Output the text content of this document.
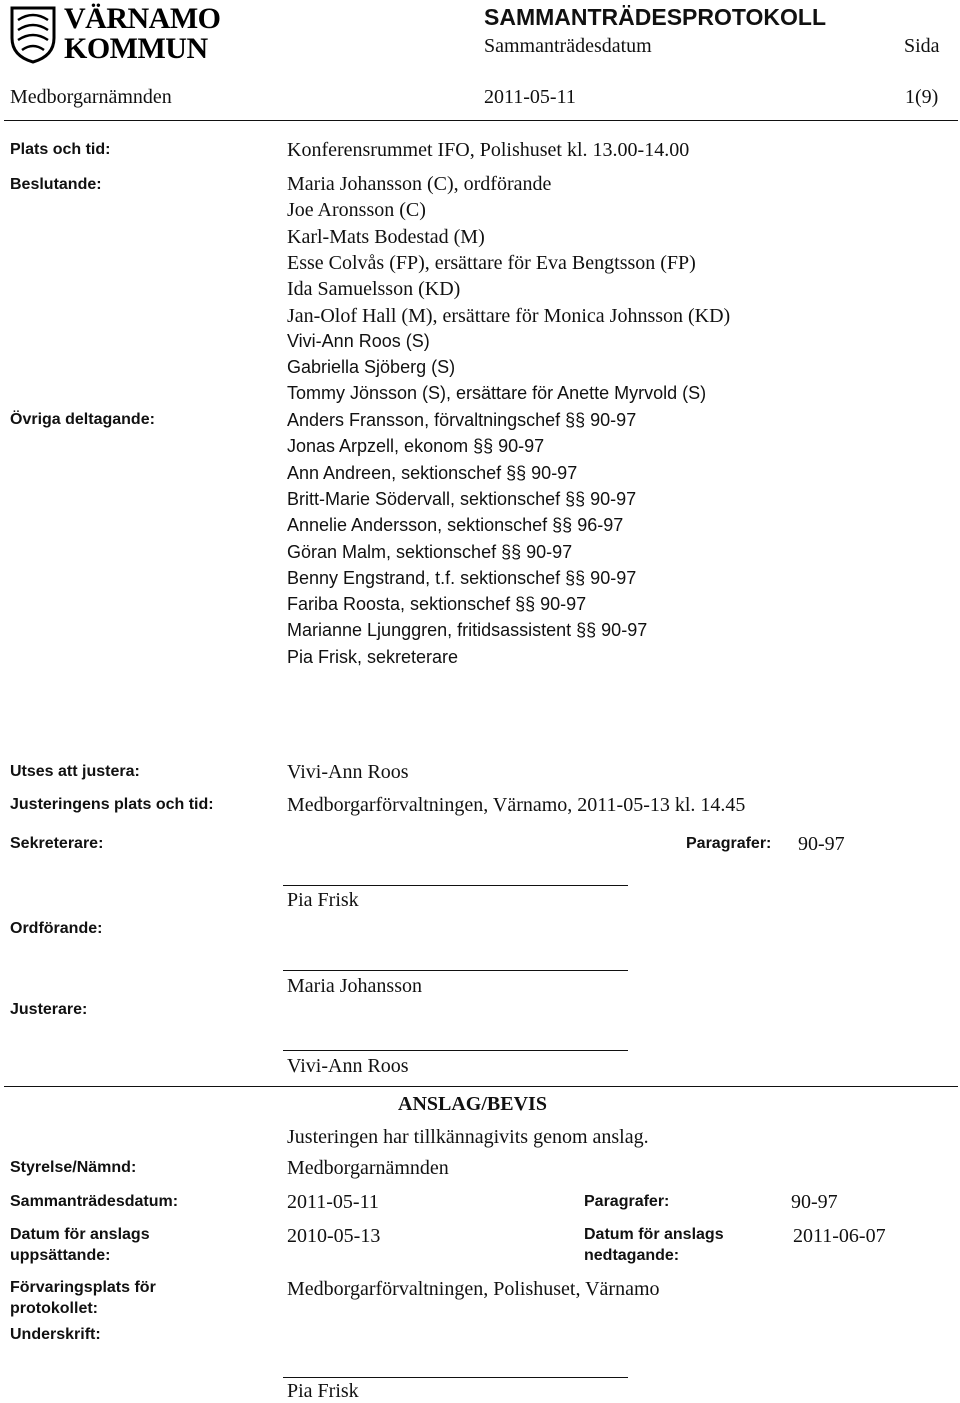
VÄRNAMO
KOMMUN
SAMMANTRÄDESPROTOKOLL
Sammanträdesdatum	Sida
Medborgarnämnden	2011-05-11	1(9)
Plats och tid:	Konferensrummet IFO, Polishuset kl. 13.00-14.00
Beslutande:	Maria Johansson (C), ordförande
Joe Aronsson (C)
Karl-Mats Bodestad (M)
Esse Colvås (FP), ersättare för Eva Bengtsson (FP)
Ida Samuelsson (KD)
Jan-Olof Hall (M), ersättare för Monica Johnsson (KD)
Vivi-Ann Roos (S)
Gabriella Sjöberg (S)
Tommy Jönsson (S), ersättare för Anette Myrvold (S)
Övriga deltagande:	Anders Fransson, förvaltningschef §§ 90-97
Jonas Arpzell, ekonom §§ 90-97
Ann Andreen, sektionschef §§ 90-97
Britt-Marie Södervall, sektionschef §§ 90-97
Annelie Andersson, sektionschef §§ 96-97
Göran Malm, sektionschef §§ 90-97
Benny Engstrand, t.f. sektionschef §§ 90-97
Fariba Roosta, sektionschef §§ 90-97
Marianne Ljunggren, fritidsassistent §§ 90-97
Pia Frisk, sekreterare
Utses att justera:	Vivi-Ann Roos
Justeringens plats och tid:	Medborgarförvaltningen, Värnamo, 2011-05-13 kl. 14.45
Sekreterare:	Paragrafer: 90-97
Pia Frisk
Ordförande:
Maria Johansson
Justerare:
Vivi-Ann Roos
ANSLAG/BEVIS
Justeringen har tillkännagivits genom anslag.
Styrelse/Nämnd:	Medborgarnämnden
Sammanträdesdatum:	2011-05-11	Paragrafer:	90-97
Datum för anslags
uppsättande:
2010-05-13	Datum för anslags
nedtagande:
2011-06-07
Förvaringsplats för
protokollet:
Medborgarförvaltningen, Polishuset, Värnamo
Underskrift:
Pia Frisk
